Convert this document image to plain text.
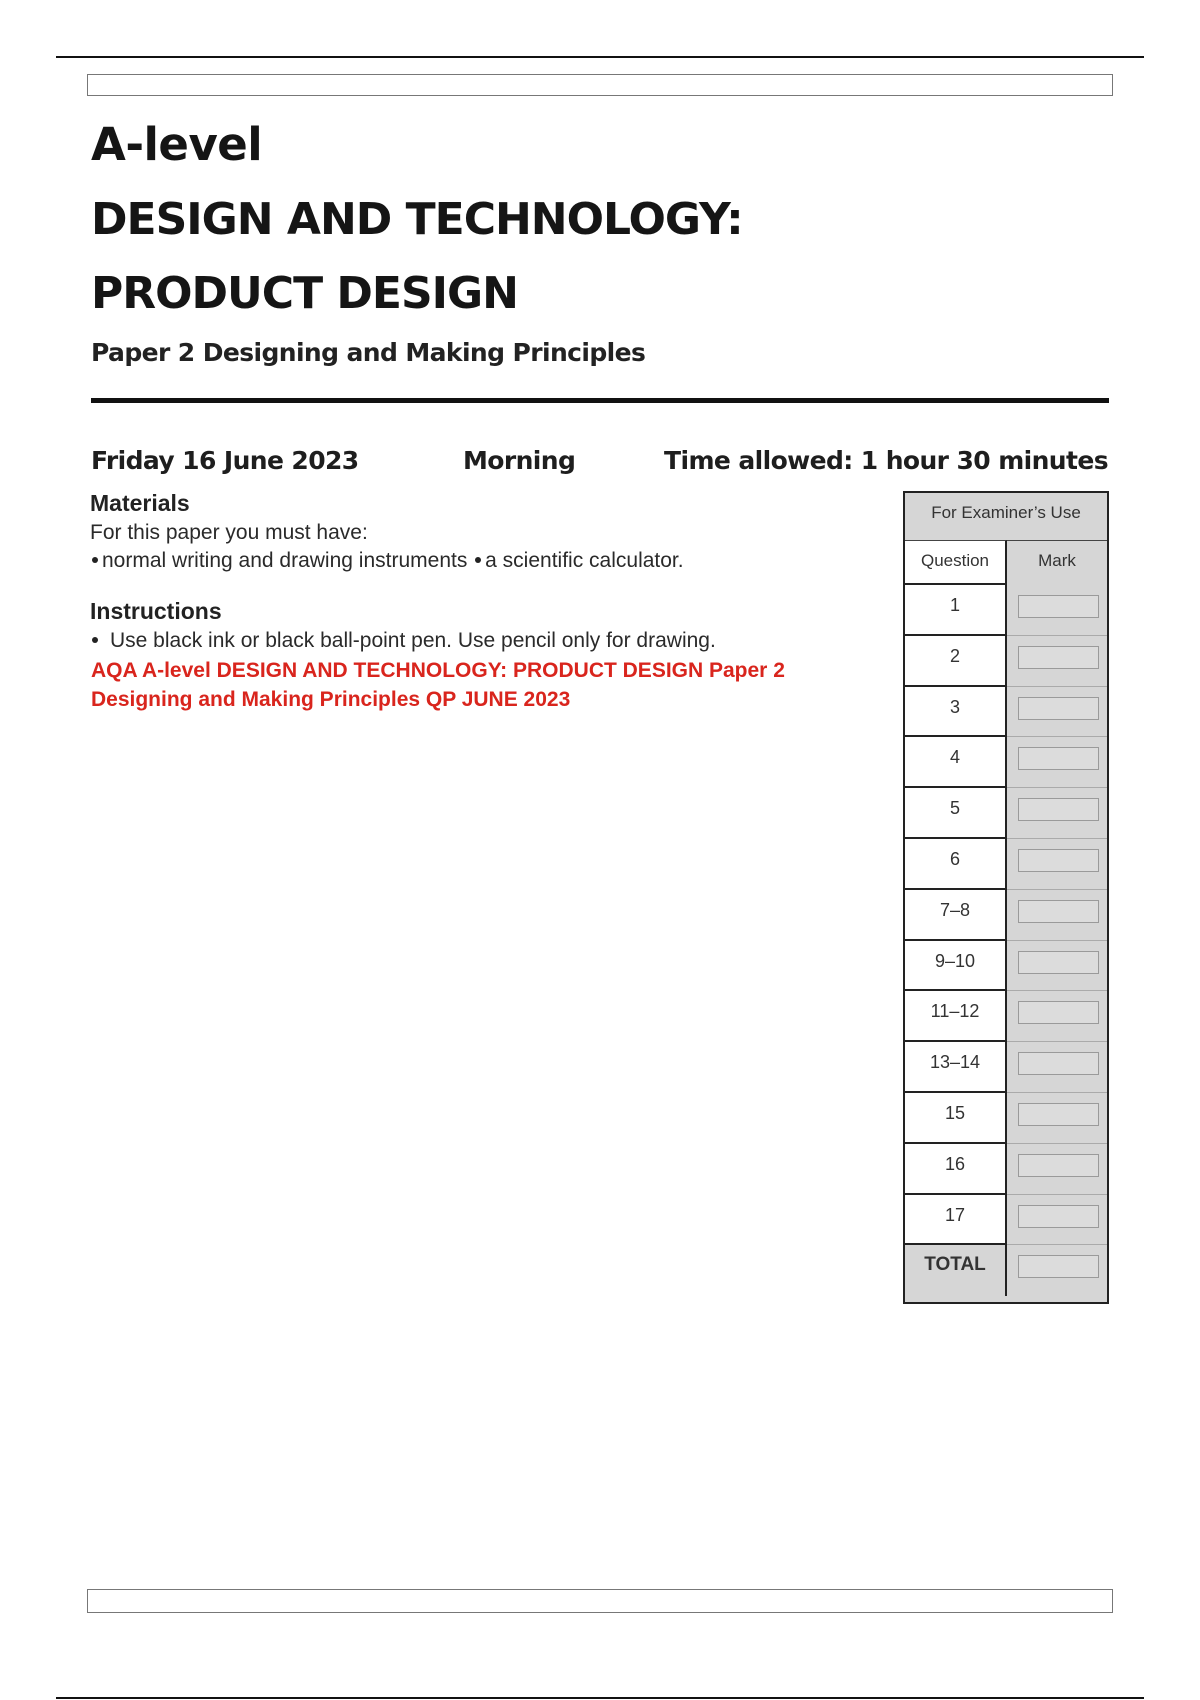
A-level
DESIGN AND TECHNOLOGY:
PRODUCT DESIGN
Paper 2 Designing and Making Principles
Friday 16 June 2023	Morning	Time allowed: 1 hour 30 minutes
Materials
For this paper you must have:
normal writing and drawing instruments a scientific calculator.
Instructions
Use black ink or black ball-point pen. Use pencil only for drawing.
AQA A-level DESIGN AND TECHNOLOGY: PRODUCT DESIGN Paper 2 Designing and Making Principles QP JUNE 2023
For Examiner’s Use
Question	Mark
1
2
3
4
5
6
7–8
9–10
11–12
13–14
15
16
17
TOTAL
